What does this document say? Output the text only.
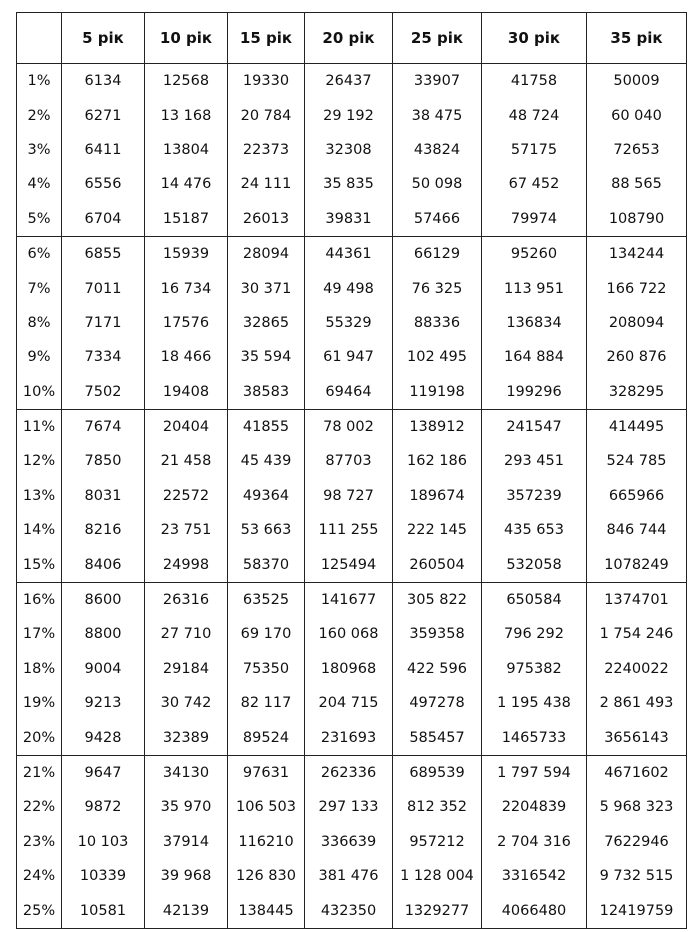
	5 рік	10 рік	15 рік	20 рік	25 рік	30 рік	35 рік
1%	6134	12568	19330	26437	33907	41758	50009
2%	6271	13 168	20 784	29 192	38 475	48 724	60 040
3%	6411	13804	22373	32308	43824	57175	72653
4%	6556	14 476	24 111	35 835	50 098	67 452	88 565
5%	6704	15187	26013	39831	57466	79974	108790
6%	6855	15939	28094	44361	66129	95260	134244
7%	7011	16 734	30 371	49 498	76 325	113 951	166 722
8%	7171	17576	32865	55329	88336	136834	208094
9%	7334	18 466	35 594	61 947	102 495	164 884	260 876
10%	7502	19408	38583	69464	119198	199296	328295
11%	7674	20404	41855	78 002	138912	241547	414495
12%	7850	21 458	45 439	87703	162 186	293 451	524 785
13%	8031	22572	49364	98 727	189674	357239	665966
14%	8216	23 751	53 663	111 255	222 145	435 653	846 744
15%	8406	24998	58370	125494	260504	532058	1078249
16%	8600	26316	63525	141677	305 822	650584	1374701
17%	8800	27 710	69 170	160 068	359358	796 292	1 754 246
18%	9004	29184	75350	180968	422 596	975382	2240022
19%	9213	30 742	82 117	204 715	497278	1 195 438	2 861 493
20%	9428	32389	89524	231693	585457	1465733	3656143
21%	9647	34130	97631	262336	689539	1 797 594	4671602
22%	9872	35 970	106 503	297 133	812 352	2204839	5 968 323
23%	10 103	37914	116210	336639	957212	2 704 316	7622946
24%	10339	39 968	126 830	381 476	1 128 004	3316542	9 732 515
25%	10581	42139	138445	432350	1329277	4066480	12419759
